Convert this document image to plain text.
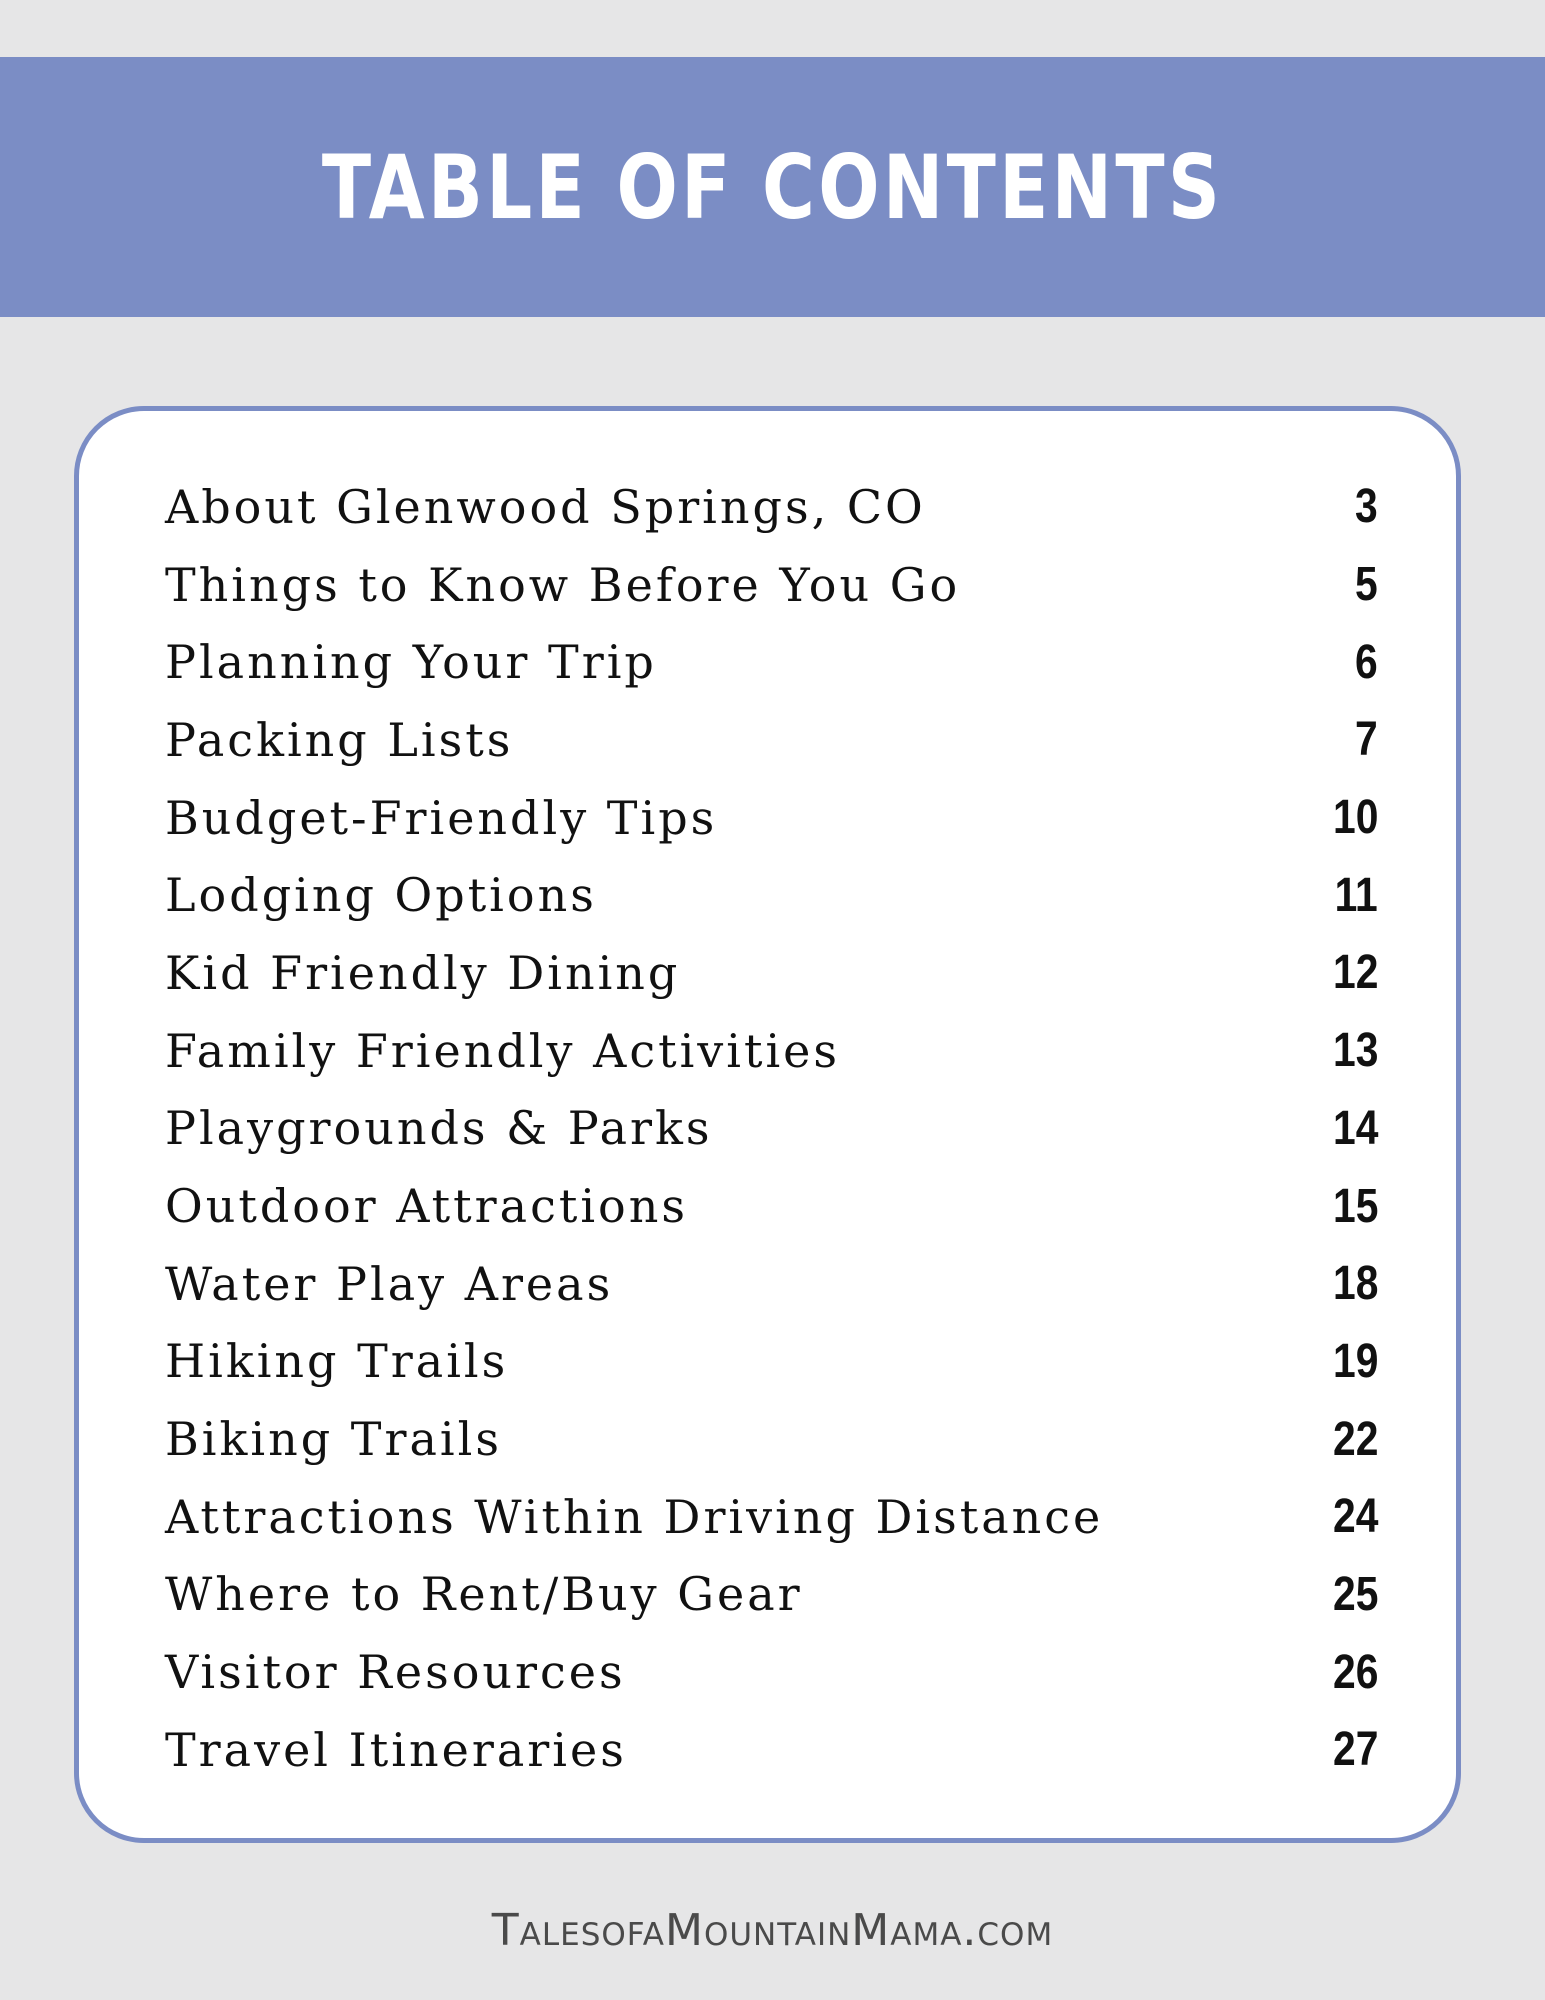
TABLE OF CONTENTS
About Glenwood Springs, CO	3
Things to Know Before You Go	5
Planning Your Trip	6
Packing Lists	7
Budget-Friendly Tips	10
Lodging Options	11
Kid Friendly Dining	12
Family Friendly Activities	13
Playgrounds & Parks	14
Outdoor Attractions	15
Water Play Areas	18
Hiking Trails	19
Biking Trails	22
Attractions Within Driving Distance	24
Where to Rent/Buy Gear	25
Visitor Resources	26
Travel Itineraries	27
TalesofaMountainMama.com
